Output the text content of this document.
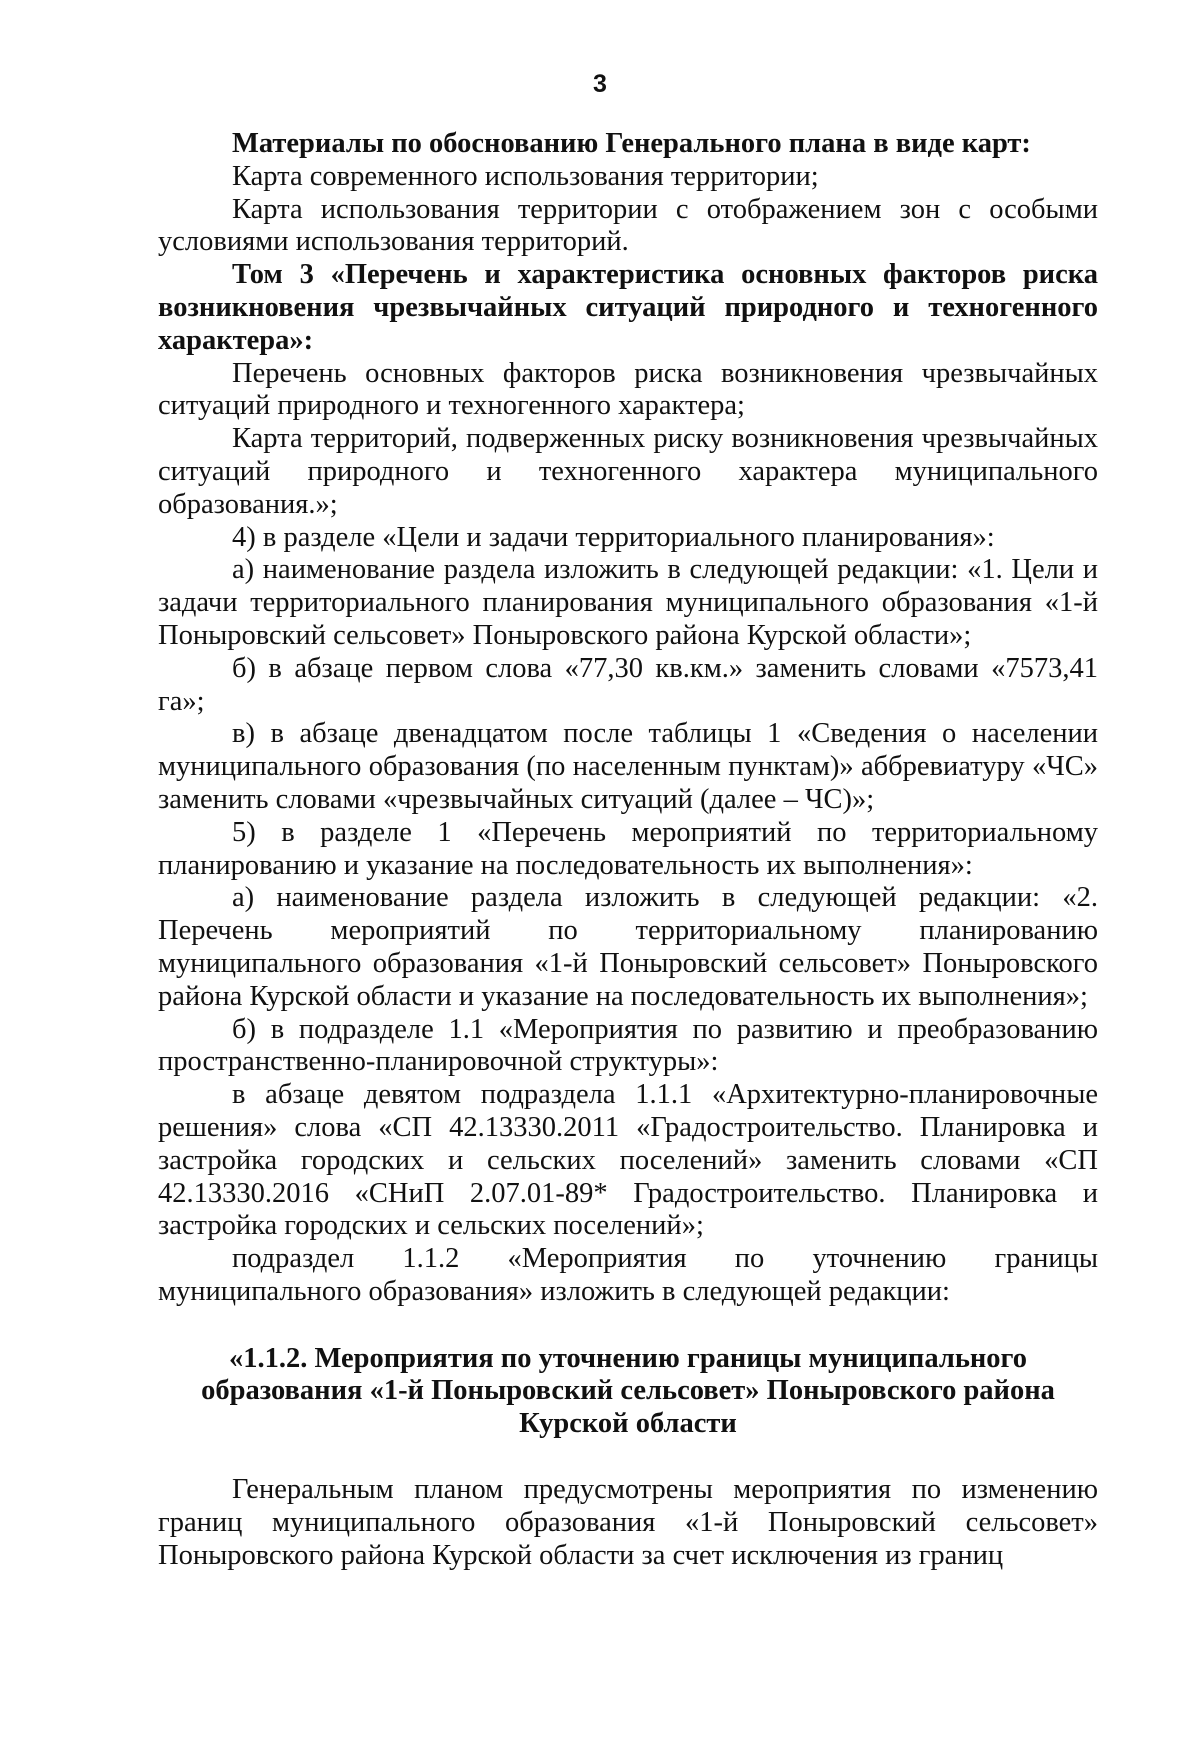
3

Материалы по обоснованию Генерального плана в виде карт:

Карта современного использования территории;

Карта использования территории с отображением зон с особыми условиями использования территорий.

Том 3 «Перечень и характеристика основных факторов риска возникновения чрезвычайных ситуаций природного и техногенного характера»:

Перечень основных факторов риска возникновения чрезвычайных ситуаций природного и техногенного характера;

Карта территорий, подверженных риску возникновения чрезвычайных ситуаций природного и техногенного характера муниципального образования.»;

4) в разделе «Цели и задачи территориального планирования»:

а) наименование раздела изложить в следующей редакции: «1. Цели и задачи территориального планирования муниципального образования «1-й Поныровский сельсовет» Поныровского района Курской области»;

б) в абзаце первом слова «77,30 кв.км.» заменить словами «7573,41 га»;

в) в абзаце двенадцатом после таблицы 1 «Сведения о населении муниципального образования (по населенным пунктам)» аббревиатуру «ЧС» заменить словами «чрезвычайных ситуаций (далее – ЧС)»;

5) в разделе 1 «Перечень мероприятий по территориальному планированию и указание на последовательность их выполнения»:

а) наименование раздела изложить в следующей редакции: «2. Перечень мероприятий по территориальному планированию муниципального образования «1-й Поныровский сельсовет» Поныровского района Курской области и указание на последовательность их выполнения»;

б) в подразделе 1.1 «Мероприятия по развитию и преобразованию пространственно-планировочной структуры»:

в абзаце девятом подраздела 1.1.1 «Архитектурно-планировочные решения» слова «СП 42.13330.2011 «Градостроительство. Планировка и застройка городских и сельских поселений» заменить словами «СП 42.13330.2016 «СНиП 2.07.01-89* Градостроительство. Планировка и застройка городских и сельских поселений»;

подраздел 1.1.2 «Мероприятия по уточнению границы муниципального образования» изложить в следующей редакции:

«1.1.2. Мероприятия по уточнению границы муниципального образования «1-й Поныровский сельсовет» Поныровского района Курской области

Генеральным планом предусмотрены мероприятия по изменению границ муниципального образования «1-й Поныровский сельсовет» Поныровского района Курской области за счет исключения из границ
